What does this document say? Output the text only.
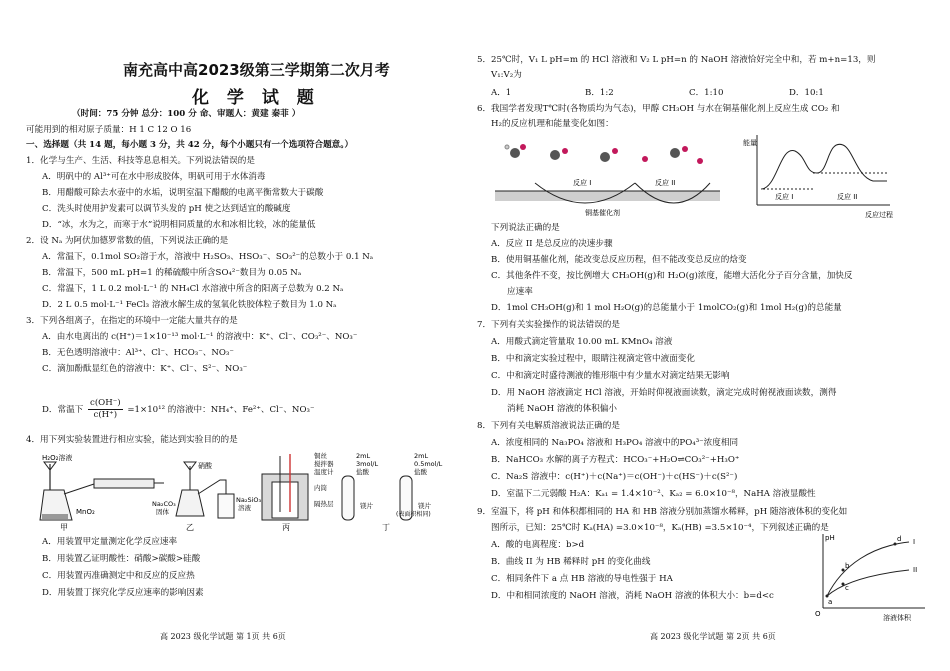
南充高中高2023级第三学期第二次月考
化 学 试 题
（时间：75 分钟 总分：100 分 命、审题人：黄建 秦菲 ）
可能用到的相对原子质量：H 1 C 12 O 16
一、选择题（共 14 题，每小题 3 分，共 42 分，每个小题只有一个选项符合题意。）
1．化学与生产、生活、科技等息息相关。下列说法错误的是
A．明矾中的 Al³⁺可在水中形成胶体，明矾可用于水体消毒
B．用醋酸可除去水壶中的水垢，说明室温下醋酸的电离平衡常数大于碳酸
C．洗头时使用护发素可以调节头发的 pH 使之达到适宜的酸碱度
D．“冰，水为之，而寒于水”说明相同质量的水和冰相比较，冰的能量低
2．设 Nₐ 为阿伏加德罗常数的值，下列说法正确的是
A．常温下，0.1mol SO₂溶于水，溶液中 H₂SO₃、HSO₃⁻、SO₃²⁻的总数小于 0.1 Nₐ
B．常温下，500 mL pH=1 的稀硫酸中所含SO₄²⁻数目为 0.05 Nₐ
C．常温下，1 L 0.2 mol·L⁻¹ 的 NH₄Cl 水溶液中所含的阳离子总数为 0.2 Nₐ
D．2 L 0.5 mol·L⁻¹ FeCl₃ 溶液水解生成的氢氧化铁胶体粒子数目为 1.0 Nₐ
3．下列各组离子，在指定的环境中一定能大量共存的是
A．由水电离出的 c(H⁺)＝1×10⁻¹³ mol·L⁻¹ 的溶液中：K⁺、Cl⁻、CO₃²⁻、NO₃⁻
B．无色透明溶液中：Al³⁺、Cl⁻、HCO₃⁻、NO₃⁻
C．滴加酚酞显红色的溶液中：K⁺、Cl⁻、S²⁻、NO₃⁻
D．常温下 $\frac{c(OH^-)}{c(H^+)} =1\times 10^{12}$ 的溶液中：NH₄⁺、Fe²⁺、Cl⁻、NO₃⁻
4．用下列实验装置进行相应实验，能达到实验目的的是
H₂O₂溶液
MnO₂
甲
硝酸
Na₂CO₃
固体
Na₂SiO₃
溶液
乙
铜丝
搅拌器
温度计
内筒
隔热层
丙
2mL
3mol/L
盐酸
2mL
0.5mol/L
盐酸
镁片	镁片
(表面积相同)
丁
A．用装置甲定量测定化学反应速率
B．用装置乙证明酸性：硝酸>碳酸>硅酸
C．用装置丙准确测定中和反应的反应热
D．用装置丁探究化学反应速率的影响因素
高 2023 级化学试题 第 1页 共 6页
5．25℃时，V₁ L pH=m 的 HCl 溶液和 V₂ L pH=n 的 NaOH 溶液恰好完全中和，若 m+n=13，则
V₁:V₂为
A．1	B．1:2	C．1:10	D．10:1
6．我国学者发现T℃时(各物质均为气态)，甲醇 CH₃OH 与水在铜基催化剂上反应生成 CO₂ 和
H₂的反应机理和能量变化如图：
反应 I	反应 II
铜基催化剂
能量
反应 I	反应 II
反应过程
下列说法正确的是
A．反应 II 是总反应的决速步骤
B．使用铜基催化剂，能改变总反应历程，但不能改变总反应的焓变
C．其他条件不变，按比例增大 CH₃OH(g)和 H₂O(g)浓度，能增大活化分子百分含量，加快反
应速率
D．1mol CH₃OH(g)和 1 mol H₂O(g)的总能量小于 1molCO₂(g)和 1mol H₂(g)的总能量
7．下列有关实验操作的说法错误的是
A．用酸式滴定管量取 10.00 mL KMnO₄ 溶液
B．中和滴定实验过程中，眼睛注视滴定管中液面变化
C．中和滴定时盛待测液的锥形瓶中有少量水对滴定结果无影响
D．用 NaOH 溶液滴定 HCl 溶液，开始时仰视液面读数，滴定完成时俯视液面读数，测得
消耗 NaOH 溶液的体积偏小
8．下列有关电解质溶液说法正确的是
A．浓度相同的 Na₃PO₄ 溶液和 H₃PO₄ 溶液中的PO₄³⁻浓度相同
B．NaHCO₃ 水解的离子方程式：HCO₃⁻+H₂O⇌CO₃²⁻+H₃O⁺
C．Na₂S 溶液中：c(H⁺)＋c(Na⁺)＝c(OH⁻)＋c(HS⁻)＋c(S²⁻)
D．室温下二元弱酸 H₂A：Kₐ₁ = 1.4×10⁻²、Kₐ₂ = 6.0×10⁻⁸，NaHA 溶液显酸性
9．室温下，将 pH 和体积都相同的 HA 和 HB 溶液分别加蒸馏水稀释，pH 随溶液体积的变化如
图所示，已知：25℃时 Kₐ(HA) =3.0×10⁻⁸，Kₐ(HB) =3.5×10⁻⁴，下列叙述正确的是
A．酸的电离程度：b>d
B．曲线 II 为 HB 稀释时 pH 的变化曲线
C．相同条件下 a 点 HB 溶液的导电性强于 HA
D．中和相同浓度的 NaOH 溶液，消耗 NaOH 溶液的体积大小：b=d<c
pH
溶液体积
O
I
II
a
b
c
d
高 2023 级化学试题 第 2页 共 6页
